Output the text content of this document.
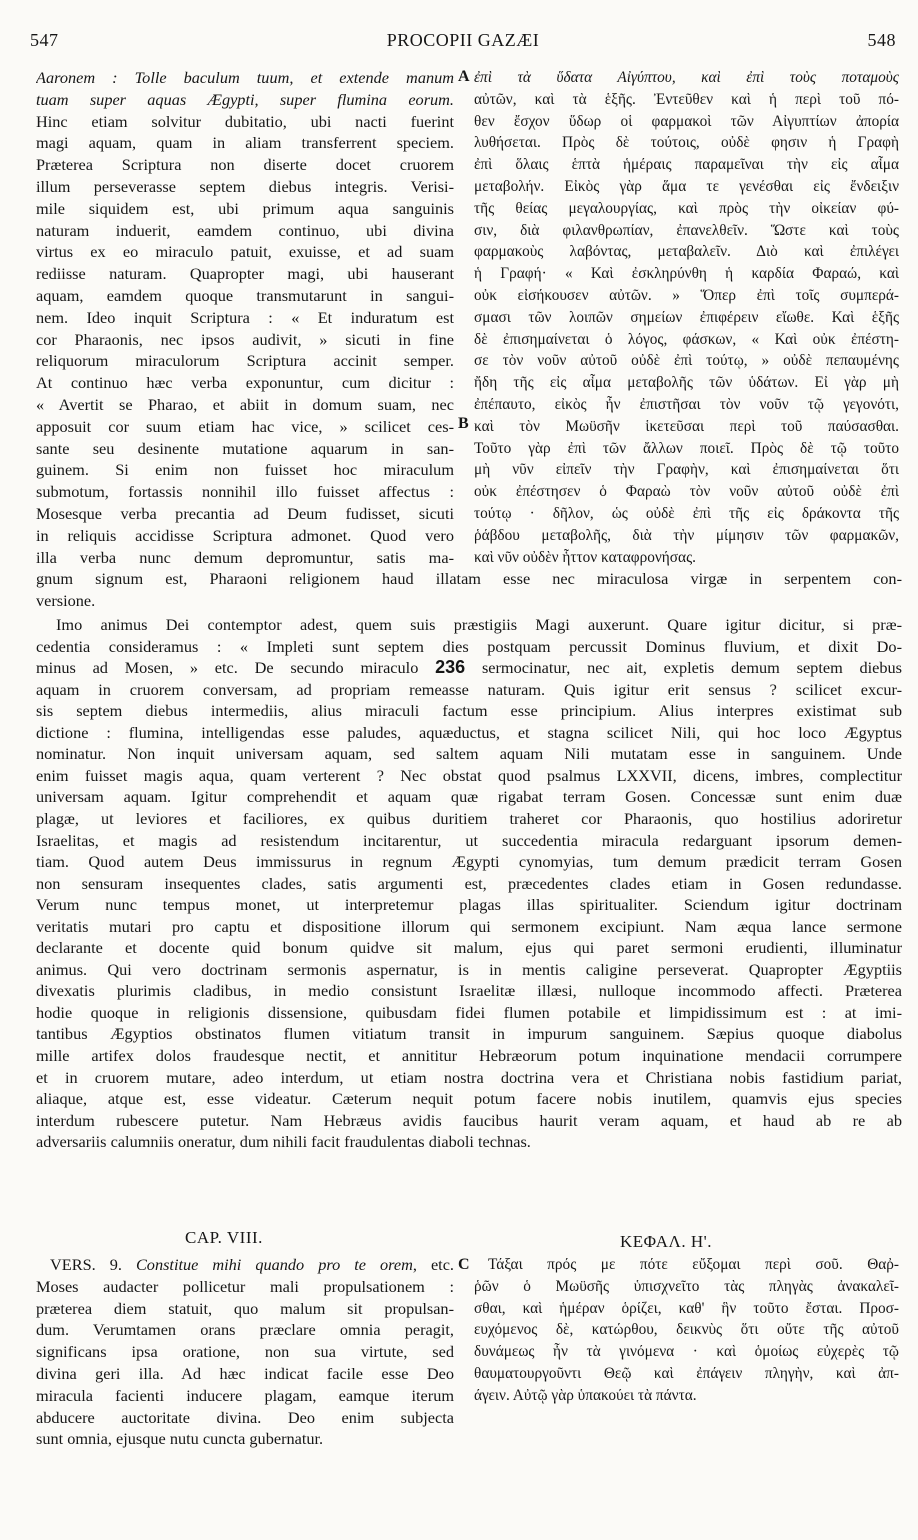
547	PROCOPII GAZÆI	548
Aaronem : Tolle baculum tuum, et extende manum
tuam super aquas Ægypti, super flumina eorum.
Hinc etiam solvitur dubitatio, ubi nacti fuerint
magi aquam, quam in aliam transferrent speciem.
Præterea Scriptura non diserte docet cruorem
illum perseverasse septem diebus integris. Verisi-
mile siquidem est, ubi primum aqua sanguinis
naturam induerit, eamdem continuo, ubi divina
virtus ex eo miraculo patuit, exuisse, et ad suam
rediisse naturam. Quapropter magi, ubi hauserant
aquam, eamdem quoque transmutarunt in sangui-
nem. Ideo inquit Scriptura : « Et induratum est
cor Pharaonis, nec ipsos audivit, » sicuti in fine
reliquorum miraculorum Scriptura accinit semper.
At continuo hæc verba exponuntur, cum dicitur :
« Avertit se Pharao, et abiit in domum suam, nec
apposuit cor suum etiam hac vice, » scilicet ces-
sante seu desinente mutatione aquarum in san-
guinem. Si enim non fuisset hoc miraculum
submotum, fortassis nonnihil illo fuisset affectus :
Mosesque verba precantia ad Deum fudisset, sicuti
in reliquis accidisse Scriptura admonet. Quod vero
illa verba nunc demum depromuntur, satis ma-
A
B
ἐπὶ τὰ ὕδατα Αἰγύπτου, καὶ ἐπὶ τοὺς ποταμοὺς
αὐτῶν, καὶ τὰ ἑξῆς. Ἐντεῦθεν καὶ ἡ περὶ τοῦ πό-
θεν ἔσχον ὕδωρ οἱ φαρμακοὶ τῶν Αἰγυπτίων ἀπορία
λυθήσεται. Πρὸς δὲ τούτοις, οὐδὲ φησιν ἡ Γραφὴ
ἐπὶ ὅλαις ἑπτὰ ἡμέραις παραμεῖναι τὴν εἰς αἷμα
μεταβολήν. Εἰκὸς γὰρ ἅμα τε γενέσθαι εἰς ἔνδειξιν
τῆς θείας μεγαλουργίας, καὶ πρὸς τὴν οἰκείαν φύ-
σιν, διὰ φιλανθρωπίαν, ἐπανελθεῖν. Ὥστε καὶ τοὺς
φαρμακοὺς λαβόντας, μεταβαλεῖν. Διὸ καὶ ἐπιλέγει
ἡ Γραφή· « Καὶ ἐσκληρύνθη ἡ καρδία Φαραώ, καὶ
οὐκ εἰσήκουσεν αὐτῶν. » Ὅπερ ἐπὶ τοῖς συμπερά-
σμασι τῶν λοιπῶν σημείων ἐπιφέρειν εἴωθε. Καὶ ἑξῆς
δὲ ἐπισημαίνεται ὁ λόγος, φάσκων, « Καὶ οὐκ ἐπέστη-
σε τὸν νοῦν αὐτοῦ οὐδὲ ἐπὶ τούτῳ, » οὐδὲ πεπαυμένης
ἤδη τῆς εἰς αἷμα μεταβολῆς τῶν ὑδάτων. Εἰ γὰρ μὴ
ἐπέπαυτο, εἰκὸς ἦν ἐπιστῆσαι τὸν νοῦν τῷ γεγονότι,
καὶ τὸν Μωϋσῆν ἱκετεῦσαι περὶ τοῦ παύσασθαι.
Τοῦτο γὰρ ἐπὶ τῶν ἄλλων ποιεῖ. Πρὸς δὲ τῷ τοῦτο
μὴ νῦν εἰπεῖν τὴν Γραφὴν, καὶ ἐπισημαίνεται ὅτι
οὐκ ἐπέστησεν ὁ Φαραὼ τὸν νοῦν αὐτοῦ οὐδὲ ἐπὶ
τούτῳ · δῆλον, ὡς οὐδὲ ἐπὶ τῆς εἰς δράκοντα τῆς
ῥάβδου μεταβολῆς, διὰ τὴν μίμησιν τῶν φαρμακῶν,
καὶ νῦν οὐδὲν ἧττον καταφρονήσας.
gnum signum est, Pharaoni religionem haud illatam esse nec miraculosa virgæ in serpentem con-
versione.
Imo animus Dei contemptor adest, quem suis præstigiis Magi auxerunt. Quare igitur dicitur, si præ-
cedentia consideramus : « Impleti sunt septem dies postquam percussit Dominus fluvium, et dixit Do-
minus ad Mosen, » etc. De secundo miraculo 236 sermocinatur, nec ait, expletis demum septem diebus
aquam in cruorem conversam, ad propriam remeasse naturam. Quis igitur erit sensus ? scilicet excur-
sis septem diebus intermediis, alius miraculi factum esse principium. Alius interpres existimat sub
dictione : flumina, intelligendas esse paludes, aquæductus, et stagna scilicet Nili, qui hoc loco Ægyptus
nominatur. Non inquit universam aquam, sed saltem aquam Nili mutatam esse in sanguinem. Unde
enim fuisset magis aqua, quam verterent ? Nec obstat quod psalmus LXXVII, dicens, imbres, complectitur
universam aquam. Igitur comprehendit et aquam quæ rigabat terram Gosen. Concessæ sunt enim duæ
plagæ, ut leviores et faciliores, ex quibus duritiem traheret cor Pharaonis, quo hostilius adoriretur
Israelitas, et magis ad resistendum incitarentur, ut succedentia miracula redarguant ipsorum demen-
tiam. Quod autem Deus immissurus in regnum Ægypti cynomyias, tum demum prædicit terram Gosen
non sensuram insequentes clades, satis argumenti est, præcedentes clades etiam in Gosen redundasse.
Verum nunc tempus monet, ut interpretemur plagas illas spiritualiter. Sciendum igitur doctrinam
veritatis mutari pro captu et dispositione illorum qui sermonem excipiunt. Nam æqua lance sermone
declarante et docente quid bonum quidve sit malum, ejus qui paret sermoni erudienti, illuminatur
animus. Qui vero doctrinam sermonis aspernatur, is in mentis caligine perseverat. Quapropter Ægyptiis
divexatis plurimis cladibus, in medio consistunt Israelitæ illæsi, nulloque incommodo affecti. Præterea
hodie quoque in religionis dissensione, quibusdam fidei flumen potabile et limpidissimum est : at imi-
tantibus Ægyptios obstinatos flumen vitiatum transit in impurum sanguinem. Sæpius quoque diabolus
mille artifex dolos fraudesque nectit, et annititur Hebræorum potum inquinatione mendacii corrumpere
et in cruorem mutare, adeo interdum, ut etiam nostra doctrina vera et Christiana nobis fastidium pariat,
aliaque, atque est, esse videatur. Cæterum nequit potum facere nobis inutilem, quamvis ejus species
interdum rubescere putetur. Nam Hebræus avidis faucibus haurit veram aquam, et haud ab re ab
adversariis calumniis oneratur, dum nihili facit fraudulentas diaboli technas.
CAP. VIII.	ΚΕΦΑΛ. Η'.
VERS. 9. Constitue mihi quando pro te orem, etc.
Moses audacter pollicetur mali propulsationem :
præterea diem statuit, quo malum sit propulsan-
dum. Verumtamen orans præclare omnia peragit,
significans ipsa oratione, non sua virtute, sed
divina geri illa. Ad hæc indicat facile esse Deo
miracula facienti inducere plagam, eamque iterum
abducere auctoritate divina. Deo enim subjecta
sunt omnia, ejusque nutu cuncta gubernatur.
C	Τάξαι πρός με πότε εὔξομαι περὶ σοῦ. Θαῤ-
ῥῶν ὁ Μωϋσῆς ὑπισχνεῖτο τὰς πληγὰς ἀνακαλεῖ-
σθαι, καὶ ἡμέραν ὁρίζει, καθ' ἣν τοῦτο ἔσται. Προσ-
ευχόμενος δὲ, κατώρθου, δεικνὺς ὅτι οὔτε τῆς αὐτοῦ
δυνάμεως ἦν τὰ γινόμενα · καὶ ὁμοίως εὐχερὲς τῷ
θαυματουργοῦντι Θεῷ καὶ ἐπάγειν πληγὴν, καὶ ἀπ-
άγειν. Αὐτῷ γὰρ ὑπακούει τὰ πάντα.
